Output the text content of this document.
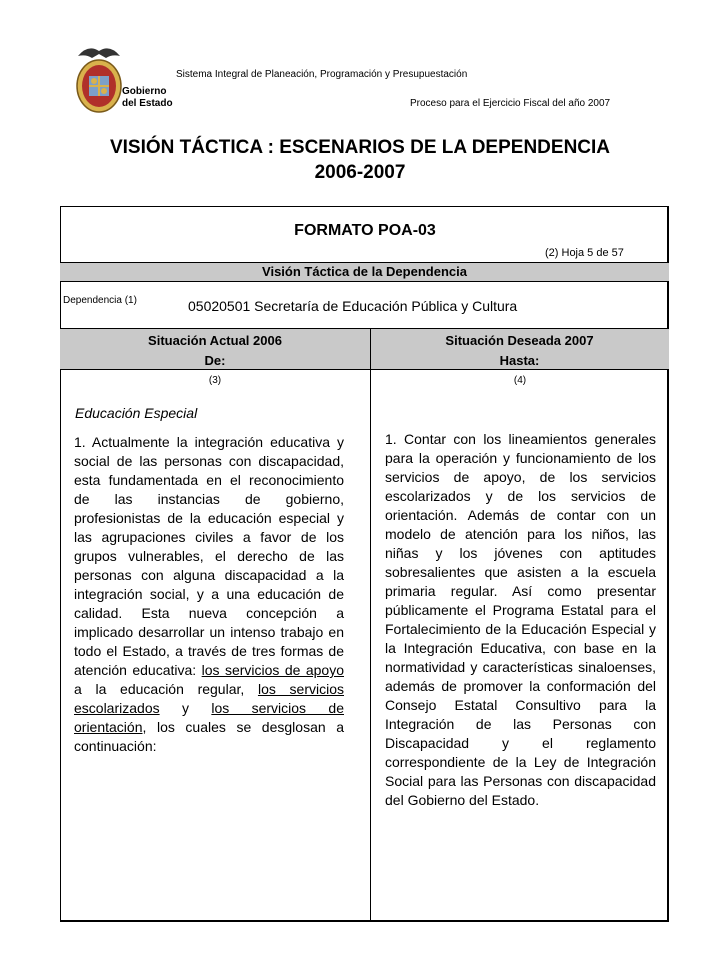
Gobierno
del Estado
Sistema Integral de Planeación, Programación y Presupuestación
Proceso para el Ejercicio Fiscal del año 2007
VISIÓN TÁCTICA : ESCENARIOS DE LA DEPENDENCIA
2006-2007
FORMATO POA-03
(2) Hoja 5 de 57
Visión Táctica de la Dependencia
Dependencia (1)	05020501 Secretaría de Educación Pública y Cultura
Situación Actual 2006
De:
Situación Deseada 2007
Hasta:
(3)	(4)
Educación Especial
1. Actualmente la integración educativa y social de las personas con discapacidad, esta fundamentada en el reconocimiento de las instancias de gobierno, profesionistas de la educación especial y las agrupaciones civiles a favor de los grupos vulnerables, el derecho de las personas con alguna discapacidad a la integración social, y a una educación de calidad. Esta nueva concepción a implicado desarrollar un intenso trabajo en todo el Estado, a través de tres formas de atención educativa: los servicios de apoyo a la educación regular, los servicios escolarizados y los servicios de orientación, los cuales se desglosan a continuación:
1. Contar con los lineamientos generales para la operación y funcionamiento de los servicios de apoyo, de los servicios escolarizados y de los servicios de orientación. Además de contar con un modelo de atención para los niños, las niñas y los jóvenes con aptitudes sobresalientes que asisten a la escuela primaria regular. Así como presentar públicamente el Programa Estatal para el Fortalecimiento de la Educación Especial y la Integración Educativa, con base en la normatividad y características sinaloenses, además de promover la conformación del Consejo Estatal Consultivo para la Integración de las Personas con Discapacidad y el reglamento correspondiente de la Ley de Integración Social para las Personas con discapacidad del Gobierno del Estado.
